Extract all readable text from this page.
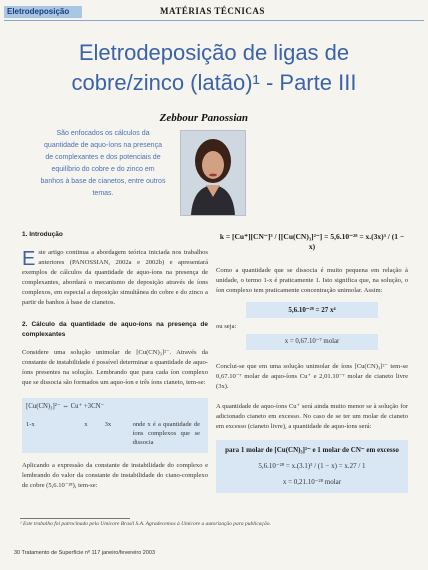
Eletrodeposição	MATÉRIAS TÉCNICAS
Eletrodeposição de ligas de
cobre/zinco (latão)¹ - Parte III
Zebbour Panossian
São enfocados os cálculos da quantidade de aquo-íons na presença de complexantes e dos potenciais de equilíbrio do cobre e do zinco em banhos à base de cianetos, entre outros temas.
1. Introdução
E ste artigo continua a abordagem teórica iniciada nos trabalhos anteriores (PANOSSIAN, 2002a e 2002b) e apresentará exemplos de cálculos da quantidade de aquo-íons na presença de complexantes, abordará o mecanismo de deposição através de íons complexos, em especial a deposição simultânea do cobre e do zinco a partir de banhos à base de cianetos.
2. Cálculo da quantidade de aquo-íons na presença de complexantes
Considere uma solução unimolar de [Cu(CN)₃]²⁻. Através da constante de instabilidade é possível determinar a quantidade de aquo-íons presentes na solução. Lembrando que para cada íon complexo que se dissocia são formados um aquo-íon e três íons cianeto, tem-se:
[Cu(CN)₃]²⁻ ⇔ Cu⁺ +3CN⁻
1-x	x	3x	onde x é a quantidade de íons complexos que se dissocia
Aplicando a expressão da constante de instabilidade do complexo e lembrando do valor da constante de instabilidade do ciano-complexo de cobre (5,6.10⁻²⁸), tem-se:
k = [Cu⁺][CN⁻]³ / [[Cu(CN)₃]²⁻] = 5,6.10⁻²⁸ = x.(3x)³ / (1 − x)
Como a quantidade que se dissocia é muito pequena em relação à unidade, o termo 1-x é praticamente 1. Isto significa que, na solução, o íon complexo tem praticamente concentração unimolar. Assim:
5,6.10⁻²⁸ = 27 x⁴
ou seja:
x = 0,67.10⁻⁷ molar
Conclui-se que em uma solução unimolar de íons [Cu(CN)₃]²⁻ tem-se 0,67.10⁻⁷ molar de aquo-íons Cu⁺ e 2,01.10⁻⁷ molar de cianeto livre (3x).
A quantidade de aquo-íons Cu⁺ será ainda muito menor se à solução for adicionado cianeto em excesso. No caso de se ter um molar de cianeto em excesso (cianeto livre), a quantidade de aquo-íons será:
para 1 molar de [Cu(CN)₃]²⁻ e 1 molar de CN⁻ em excesso
5,6.10⁻²⁸ = x.(3.1)³ / (1 − x) = x.27 / 1
x = 0,21.10⁻²⁸ molar
¹ Este trabalho foi patrocinado pela Umicore Brasil S.A. Agradecemos à Umicore a autorização para publicação.
30 Tratamento de Superfície nº 117 janeiro/fevereiro 2003
